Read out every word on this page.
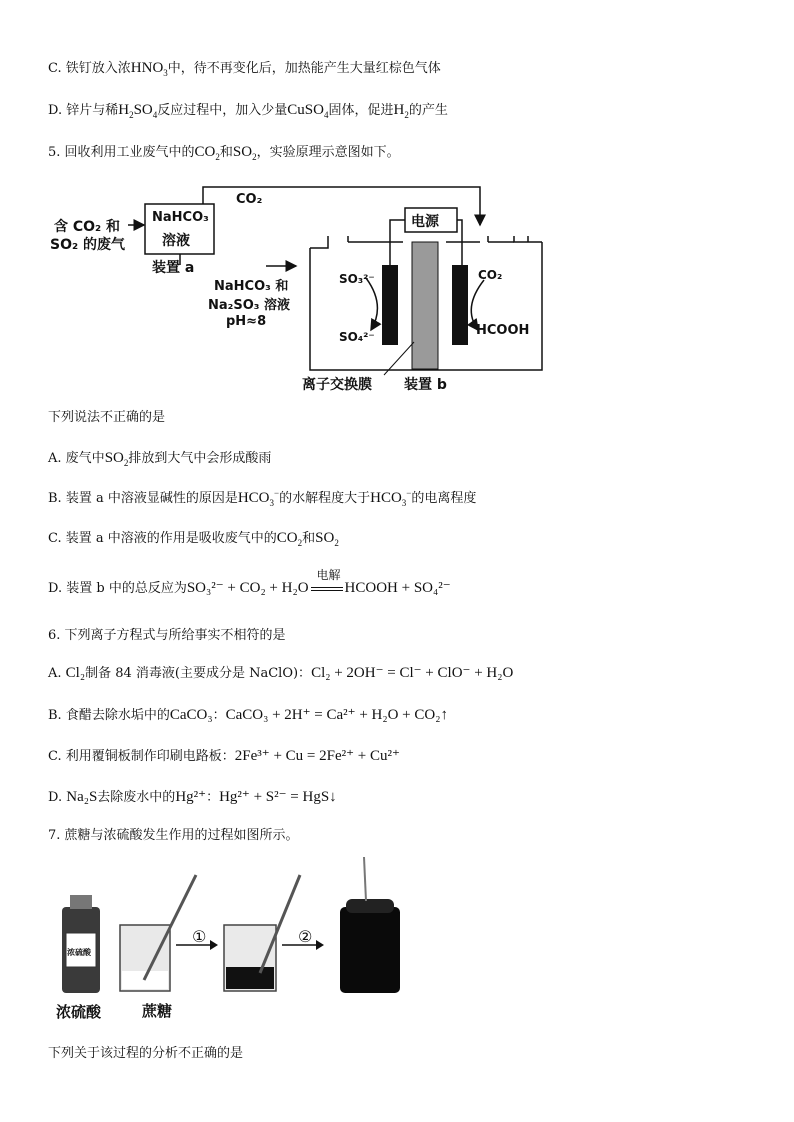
C. 铁钉放入浓$HNO_3$中，待不再变化后，加热能产生大量红棕色气体
D. 锌片与稀$H_2SO_4$反应过程中，加入少量CuSO$_4$固体，促进$H_2$的产生
5. 回收利用工业废气中的$CO_2$和$SO_2$，实验原理示意图如下。
含 CO₂ 和
SO₂ 的废气
NaHCO₃
溶液
装置 a
CO₂
电源
NaHCO₃ 和
Na₂SO₃ 溶液
pH≈8
SO₃²⁻
SO₄²⁻
CO₂
HCOOH
离子交换膜 装置 b
下列说法不正确的是
A. 废气中$SO_2$排放到大气中会形成酸雨
B. 装置 a 中溶液显碱性的原因是$HCO_3^-$的水解程度大于$HCO_3^-$的电离程度
C. 装置 a 中溶液的作用是吸收废气中的$CO_2$和$SO_2$
D. 装置 b 中的总反应为SO₃²⁻ + CO₂ + H₂O
电解
HCOOH + SO₄²⁻
6. 下列离子方程式与所给事实不相符的是
A. Cl₂制备 84 消毒液(主要成分是 NaClO)：Cl₂ + 2OH⁻ = Cl⁻ + ClO⁻ + H₂O
B. 食醋去除水垢中的CaCO₃：CaCO₃ + 2H⁺ = Ca²⁺ + H₂O + CO₂↑
C. 利用覆铜板制作印刷电路板：2Fe³⁺ + Cu = 2Fe²⁺ + Cu²⁺
D. Na₂S去除废水中的Hg²⁺：Hg²⁺ + S²⁻ = HgS↓
7. 蔗糖与浓硫酸发生作用的过程如图所示。
浓硫酸
①	②
浓硫酸	蔗糖
下列关于该过程的分析不正确的是
